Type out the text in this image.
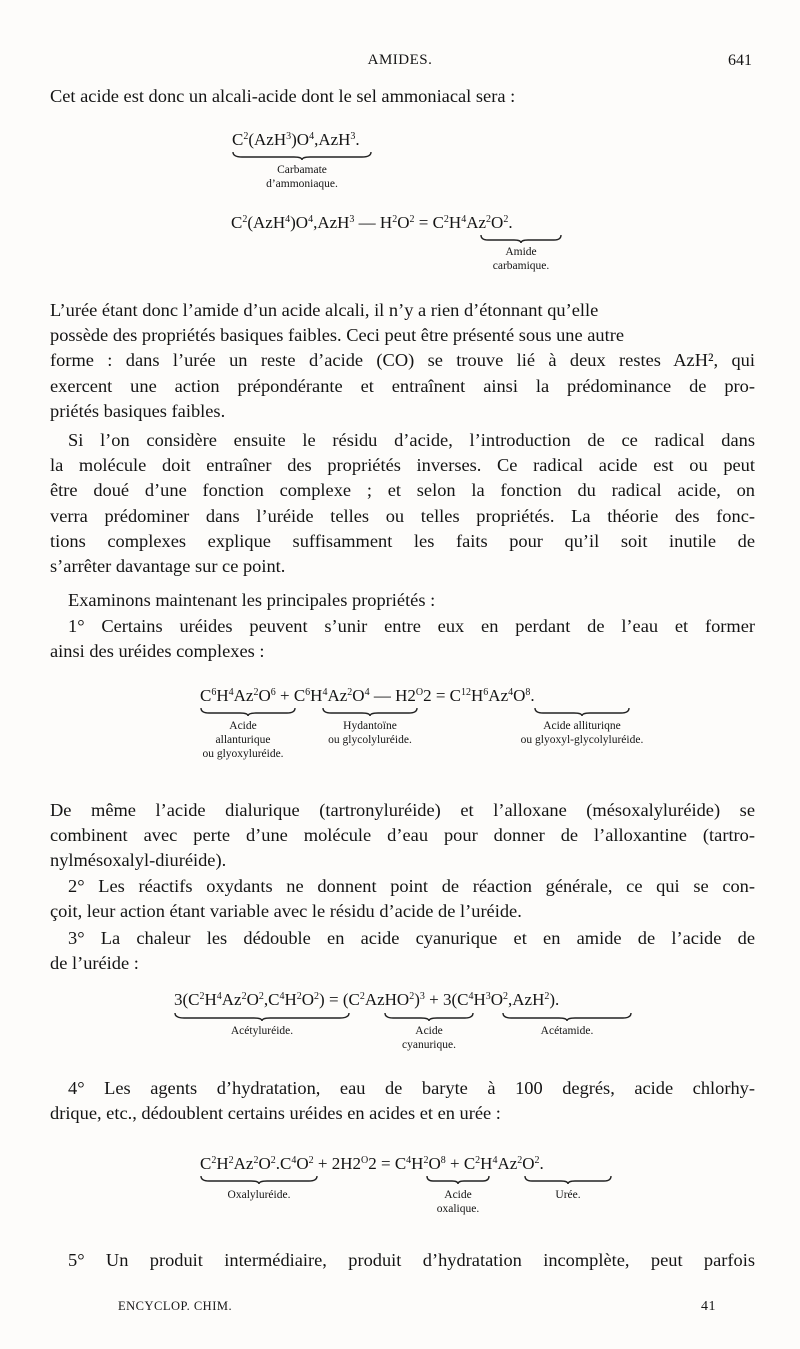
AMIDES.	641

Cet acide est donc un alcali-acide dont le sel ammoniacal sera :

$C^2(AzH^3)O^4,AzH^3$.
Carbamate
d’ammoniaque.
$C^2(AzH^4)O^4,AzH^3$ — $H^2O^2 = C^2H^4Az^2O^2$.
Amide
carbamique.
L’urée étant donc l’amide d’un acide alcali, il n’y a rien d’étonnant qu’elle
possède des propriétés basiques faibles. Ceci peut être présenté sous une autre
forme : dans l’urée un reste d’acide (CO) se trouve lié à deux restes AzH², qui
exercent une action prépondérante et entraînent ainsi la prédominance de pro-
priétés basiques faibles.
Si l’on considère ensuite le résidu d’acide, l’introduction de ce radical dans
la molécule doit entraîner des propriétés inverses. Ce radical acide est ou peut
être doué d’une fonction complexe ; et selon la fonction du radical acide, on
verra prédominer dans l’uréide telles ou telles propriétés. La théorie des fonc-
tions complexes explique suffisamment les faits pour qu’il soit inutile de
s’arrêter davantage sur ce point.

Examinons maintenant les principales propriétés :

1° Certains uréides peuvent s’unir entre eux en perdant de l’eau et former
ainsi des uréides complexes :
$C^6H^4Az^2O^6 + C^6H^4Az^2O^4$ — $H2^O2 = C^{12}H^6Az^4O^8$.
Acide
allanturique
ou glyoxyluréide.
Hydantoïne
ou glycolyluréide.
Acide allituriqne
ou glyoxyl-glycolyluréide.
De même l’acide dialurique (tartronyluréide) et l’alloxane (mésoxalyluréide) se
combinent avec perte d’une molécule d’eau pour donner de l’alloxantine (tartro-
nylmésoxalyl-diuréide).
2° Les réactifs oxydants ne donnent point de réaction générale, ce qui se con-
çoit, leur action étant variable avec le résidu d’acide de l’uréide.
3° La chaleur les dédouble en acide cyanurique et en amide de l’acide de
de l’uréide :
$3(C^2H^4Az^2O^2,C^4H^2O^2)$ = $(C^2AzHO^2)^3 + 3(C^4H^3O^2,AzH^2)$.
Acétyluréide.	Acide
cyanurique.
Acétamide.
4° Les agents d’hydratation, eau de baryte à 100 degrés, acide chlorhy-
drique, etc., dédoublent certains uréides en acides et en urée :
$C^2H^2Az^2O^2.C^4O^2 + 2H2^O2 = C^4H^2O^8 + C^2H^4Az^2O^2$.
Oxalyluréide.	Acide
oxalique.
Urée.

5° Un produit intermédiaire, produit d’hydratation incomplète, peut parfois

ENCYCLOP. CHIM.	41
